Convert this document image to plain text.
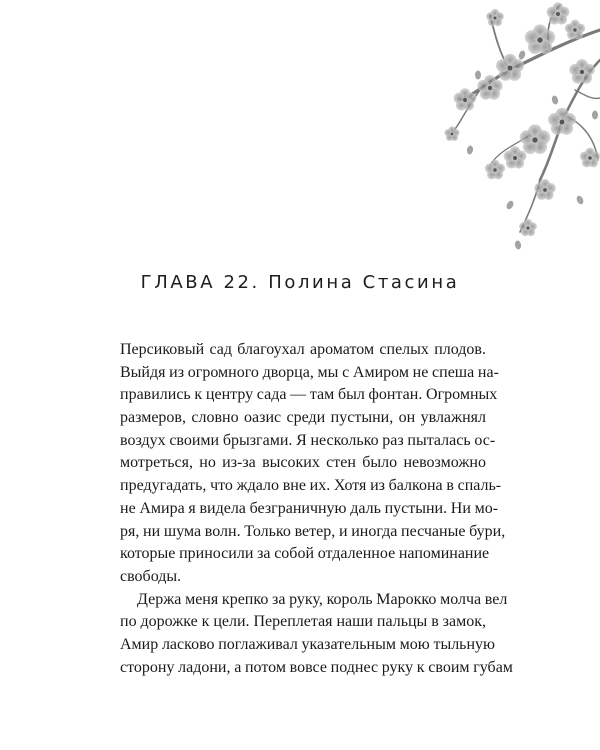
ГЛАВА 22. Полина Стасина
Персиковый сад благоухал ароматом спелых плодов.
Выйдя из огромного дворца, мы с Амиром не спеша на-
правились к центру сада — там был фонтан. Огромных
размеров, словно оазис среди пустыни, он увлажнял
воздух своими брызгами. Я несколько раз пыталась ос-
мотреться, но из-за высоких стен было невозможно
предугадать, что ждало вне их. Хотя из балкона в спаль-
не Амира я видела безграничную даль пустыни. Ни мо-
ря, ни шума волн. Только ветер, и иногда песчаные бури,
которые приносили за собой отдаленное напоминание
свободы.
Держа меня крепко за руку, король Марокко молча вел
по дорожке к цели. Переплетая наши пальцы в замок,
Амир ласково поглаживал указательным мою тыльную
сторону ладони, а потом вовсе поднес руку к своим губам
